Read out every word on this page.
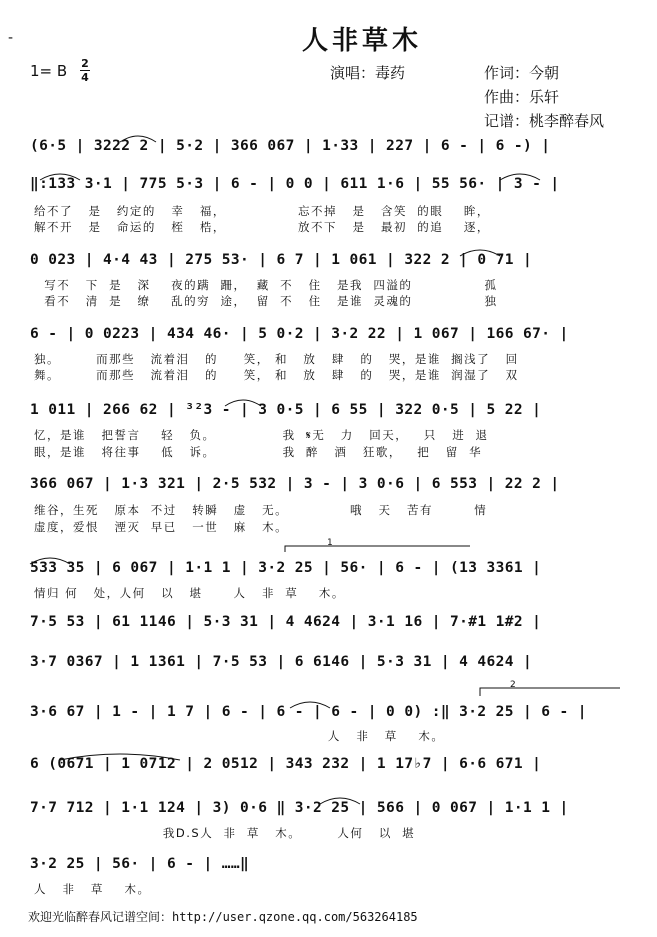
-	人非草木
1= B 2
4	演唱：毒药	作词：今朝
作曲：乐轩
记谱：桃李醉春风
(6·5 | 3222 2 | 5·2 | 366 067 | 1·33 | 227 | 6 - | 6 -) |
‖:133 3·1 | 775 5·3 | 6 - | 0 0 | 611 1·6 | 55 56· | 3 - |
给不了   是   约定的   幸   福，              忘不掉   是   含笑  的眼    眸，
解不开   是   命运的   桎   梏，              放不下   是   最初  的追    逐，
0 023 | 4·4 43 | 275 53· | 6 7 | 1 061 | 322 2 | 0 71 |
写不   下  是   深    夜的蹒  跚，  藏  不   住   是我  四溢的              孤
看不   清  是   缭    乱的穷  途，  留  不   住   是谁  灵魂的              独
6 - | 0 0223 | 434 46· | 5 0·2 | 3·2 22 | 1 067 | 166 67· |
独。       而那些   流着泪   的     笑， 和   放   肆   的   哭，是谁  搁浅了   回
舞。       而那些   流着泪   的     笑， 和   放   肆   的   哭，是谁  润湿了   双
1 011 | 266 62 | ³²3 - | 3 0·5 | 6 55 | 322 0·5 | 5 22 |
忆，是谁   把誓言    轻   负。             我  𝄋无   力   回天，   只   进  退
眼，是谁   将往事    低   诉。             我  醉   酒   狂歌，   把   留  华
366 067 | 1·3 321 | 2·5 532 | 3 - | 3 0·6 | 6 553 | 22 2 |
维谷，生死   原本  不过   转瞬   虚   无。            哦   天   苦有        情
虚度，爱恨   湮灭  早已   一世   麻   木。
533 35 | 6 067 | 1·1 1 | 3·2 25 | 56· | 6 - | (13 3361 |
情归 何   处，人何   以   堪      人   非  草    木。
7·5 53 | 61 1146 | 5·3 31 | 4 4624 | 3·1 16 | 7·#1 1#2 |
3·7 0367 | 1 1361 | 7·5 53 | 6 6146 | 5·3 31 | 4 4624 |
3·6 67 | 1 - | 1 7 | 6 - | 6 - | 6 - | 0 0) :‖ 3·2 25 | 6 - |
人   非   草    木。
6 (0671 | 1 0712 | 2 0512 | 343 232 | 1 17♭7 | 6·6 671 |
7·7 712 | 1·1 124 | 3) 0·6 ‖ 3·2 25 | 566 | 0 067 | 1·1 1 |
我D.S人  非  草   木。       人何   以  堪
3·2 25 | 56· | 6 - | ……‖
人   非   草    木。
1
2
欢迎光临醉春风记谱空间：http://user.qzone.qq.com/563264185
